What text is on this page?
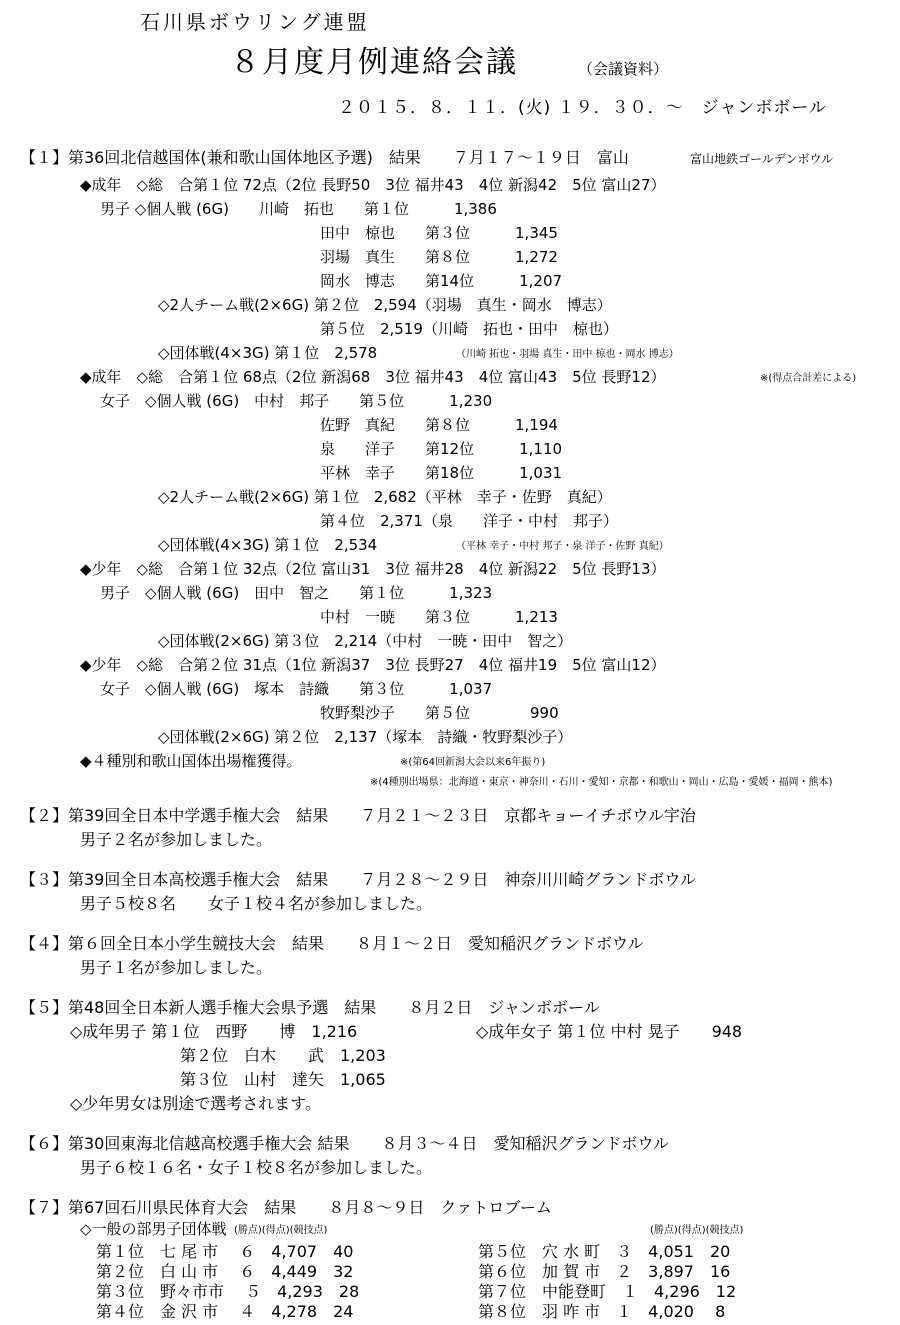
石川県ボウリング連盟
８月度月例連絡会議	（会議資料）
２０１５．８．１１．(火) １９．３０．～　ジャンボボール
【１】第36回北信越国体(兼和歌山国体地区予選)　結果　　７月１７～１９日　富山	富山地鉄ゴールデンボウル
◆成年　◇総　合第１位 72点（2位 長野50　3位 福井43　4位 新潟42　5位 富山27）
男子 ◇個人戦 (6G)　　川崎　拓也　　第１位　　　1,386
田中　椋也　　第３位　　　1,345
羽場　真生　　第８位　　　1,272
岡水　博志　　第14位　　　1,207
◇2人チーム戦(2×6G) 第２位　2,594（羽場　真生・岡水　博志）
第５位　2,519（川崎　拓也・田中　椋也）
◇団体戦(4×3G) 第１位　2,578	（川崎 拓也・羽場 真生・田中 椋也・岡水 博志）
◆成年　◇総　合第１位 68点（2位 新潟68　3位 福井43　4位 富山43　5位 長野12）	※(得点合計差による)
女子　◇個人戦 (6G)　中村　邦子　　第５位　　　1,230
佐野　真紀　　第８位　　　1,194
泉　　洋子　　第12位　　　1,110
平林　幸子　　第18位　　　1,031
◇2人チーム戦(2×6G) 第１位　2,682（平林　幸子・佐野　真紀）
第４位　2,371（泉　　洋子・中村　邦子）
◇団体戦(4×3G) 第１位　2,534	（平林 幸子・中村 邦子・泉 洋子・佐野 真紀）
◆少年　◇総　合第１位 32点（2位 富山31　3位 福井28　4位 新潟22　5位 長野13）
男子　◇個人戦 (6G)　田中　智之　　第１位　　　1,323
中村　一暁　　第３位　　　1,213
◇団体戦(2×6G) 第３位　2,214（中村　一暁・田中　智之）
◆少年　◇総　合第２位 31点（1位 新潟37　3位 長野27　4位 福井19　5位 富山12）
女子　◇個人戦 (6G)　塚本　詩織　　第３位　　　1,037
牧野梨沙子　　第５位　　　　990
◇団体戦(2×6G) 第２位　2,137（塚本　詩織・牧野梨沙子）
◆４種別和歌山国体出場権獲得。	※(第64回新潟大会以来6年振り)
※(4種別出場県：北海道・東京・神奈川・石川・愛知・京都・和歌山・岡山・広島・愛媛・福岡・熊本)
【２】第39回全日本中学選手権大会　結果　　７月２１～２３日　京都キョーイチボウル宇治
男子２名が参加しました。
【３】第39回全日本高校選手権大会　結果　　７月２８～２９日　神奈川川崎グランドボウル
男子５校８名　　女子１校４名が参加しました。
【４】第６回全日本小学生競技大会　結果　　８月１～２日　愛知稲沢グランドボウル
男子１名が参加しました。
【５】第48回全日本新人選手権大会県予選　結果　　８月２日　ジャンボボール
◇成年男子 第１位　西野　　博　1,216
第２位　白木　　武　1,203
第３位　山村　達矢　1,065
◇成年女子 第１位 中村 晃子　　948
◇少年男女は別途で選考されます。
【６】第30回東海北信越高校選手権大会 結果　　８月３～４日　愛知稲沢グランドボウル
男子６校１６名・女子１校８名が参加しました。
【７】第67回石川県民体育大会　結果　　８月８～９日　クァトロブーム
◇一般の部男子団体戦 (勝点)(得点)(競技点)	(勝点)(得点)(競技点)
第１位　七 尾 市　 ６　4,707　40
第２位　白 山 市　 ６　4,449　32
第３位　野々市市　 ５　4,293　28
第４位　金 沢 市　 ４　4,278　24
第５位　穴 水 町　３　4,051　20
第６位　加 賀 市　２　3,897　16
第７位　中能登町　１　4,296　12
第８位　羽 咋 市　１　4,020　 8
